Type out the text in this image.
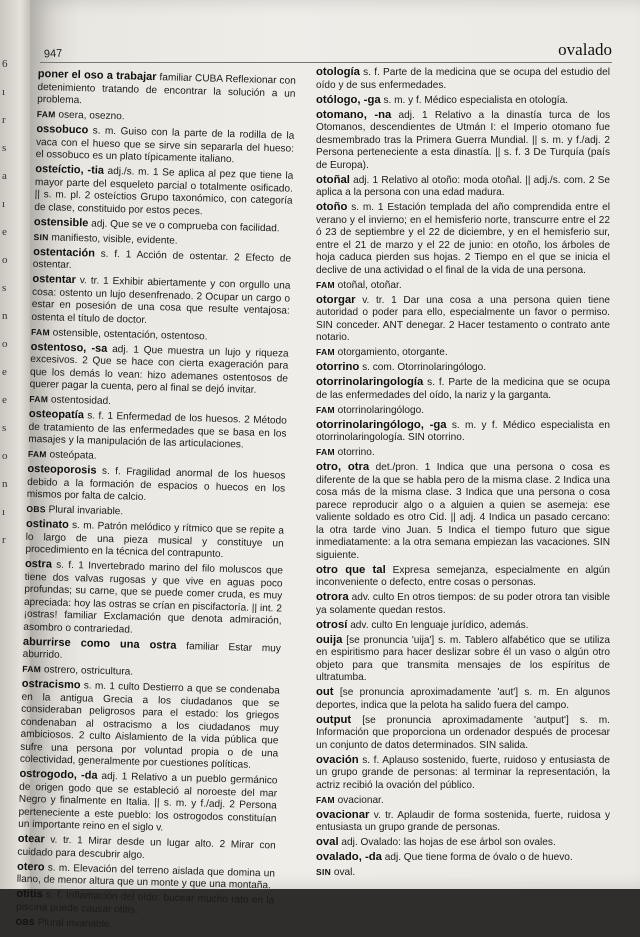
6
ı
r
s
a
ı
e
o
s
n
o
e
e
s
o
n
ı
r
947	ovalado

poner el oso a trabajar familiar CUBA Reflexionar con detenimiento tratando de encontrar la solución a un problema.

FAM osera, osezno.

ossobuco s. m. Guiso con la parte de la rodilla de la vaca con el hueso que se sirve sin separarla del hueso: el ossobuco es un plato típicamente italiano.

osteíctio, -tia adj./s. m. 1 Se aplica al pez que tiene la mayor parte del esqueleto parcial o totalmente osificado. || s. m. pl. 2 osteíctios Grupo taxonómico, con categoría de clase, constituido por estos peces.

ostensible adj. Que se ve o comprueba con facilidad.

SIN manifiesto, visible, evidente.

ostentación s. f. 1 Acción de ostentar. 2 Efecto de ostentar.

ostentar v. tr. 1 Exhibir abiertamente y con orgullo una cosa: ostento un lujo desenfrenado. 2 Ocupar un cargo o estar en posesión de una cosa que resulte ventajosa: ostenta el título de doctor.

FAM ostensible, ostentación, ostentoso.

ostentoso, -sa adj. 1 Que muestra un lujo y riqueza excesivos. 2 Que se hace con cierta exageración para que los demás lo vean: hizo ademanes ostentosos de querer pagar la cuenta, pero al final se dejó invitar.

FAM ostentosidad.

osteopatía s. f. 1 Enfermedad de los huesos. 2 Método de tratamiento de las enfermedades que se basa en los masajes y la manipulación de las articulaciones.

FAM osteópata.

osteoporosis s. f. Fragilidad anormal de los huesos debido a la formación de espacios o huecos en los mismos por falta de calcio.

OBS Plural invariable.

ostinato s. m. Patrón melódico y rítmico que se repite a lo largo de una pieza musical y constituye un procedimiento en la técnica del contrapunto.

ostra s. f. 1 Invertebrado marino del filo moluscos que tiene dos valvas rugosas y que vive en aguas poco profundas; su carne, que se puede comer cruda, es muy apreciada: hoy las ostras se crían en piscifactoría. || int. 2 ¡ostras! familiar Exclamación que denota admiración, asombro o contrariedad.

aburrirse como una ostra familiar Estar muy aburrido.

FAM ostrero, ostricultura.

ostracismo s. m. 1 culto Destierro a que se condenaba en la antigua Grecia a los ciudadanos que se consideraban peligrosos para el estado: los griegos condenaban al ostracismo a los ciudadanos muy ambiciosos. 2 culto Aislamiento de la vida pública que sufre una persona por voluntad propia o de una colectividad, generalmente por cuestiones políticas.

ostrogodo, -da adj. 1 Relativo a un pueblo germánico de origen godo que se estableció al noroeste del mar Negro y finalmente en Italia. || s. m. y f./adj. 2 Persona perteneciente a este pueblo: los ostrogodos constituían un importante reino en el siglo v.

otear v. tr. 1 Mirar desde un lugar alto. 2 Mirar con cuidado para descubrir algo.

otero s. m. Elevación del terreno aislada que domina un llano, de menor altura que un monte y que una montaña.

otitis s. f. Inflamación del oído: bucear mucho rato en la piscina puede causar otitis.

OBS Plural invariable.

otología s. f. Parte de la medicina que se ocupa del estudio del oído y de sus enfermedades.

otólogo, -ga s. m. y f. Médico especialista en otología.

otomano, -na adj. 1 Relativo a la dinastía turca de los Otomanos, descendientes de Utmán I: el Imperio otomano fue desmembrado tras la Primera Guerra Mundial. || s. m. y f./adj. 2 Persona perteneciente a esta dinastía. || s. f. 3 De Turquía (país de Europa).

otoñal adj. 1 Relativo al otoño: moda otoñal. || adj./s. com. 2 Se aplica a la persona con una edad madura.

otoño s. m. 1 Estación templada del año comprendida entre el verano y el invierno; en el hemisferio norte, transcurre entre el 22 ó 23 de septiembre y el 22 de diciembre, y en el hemisferio sur, entre el 21 de marzo y el 22 de junio: en otoño, los árboles de hoja caduca pierden sus hojas. 2 Tiempo en el que se inicia el declive de una actividad o el final de la vida de una persona.

FAM otoñal, otoñar.

otorgar v. tr. 1 Dar una cosa a una persona quien tiene autoridad o poder para ello, especialmente un favor o permiso. SIN conceder. ANT denegar. 2 Hacer testamento o contrato ante notario.

FAM otorgamiento, otorgante.

otorrino s. com. Otorrinolaringólogo.

otorrinolaringología s. f. Parte de la medicina que se ocupa de las enfermedades del oído, la nariz y la garganta.

FAM otorrinolaringólogo.

otorrinolaringólogo, -ga s. m. y f. Médico especialista en otorrinolaringología. SIN otorrino.

FAM otorrino.

otro, otra det./pron. 1 Indica que una persona o cosa es diferente de la que se habla pero de la misma clase. 2 Indica una cosa más de la misma clase. 3 Indica que una persona o cosa parece reproducir algo o a alguien a quien se asemeja: ese valiente soldado es otro Cid. || adj. 4 Indica un pasado cercano: la otra tarde vino Juan. 5 Indica el tiempo futuro que sigue inmediatamente: a la otra semana empiezan las vacaciones. SIN siguiente.

otro que tal Expresa semejanza, especialmente en algún inconveniente o defecto, entre cosas o personas.

otrora adv. culto En otros tiempos: de su poder otrora tan visible ya solamente quedan restos.

otrosí adv. culto En lenguaje jurídico, además.

ouija [se pronuncia 'uija'] s. m. Tablero alfabético que se utiliza en espiritismo para hacer deslizar sobre él un vaso o algún otro objeto para que transmita mensajes de los espíritus de ultratumba.

out [se pronuncia aproximadamente 'aut'] s. m. En algunos deportes, indica que la pelota ha salido fuera del campo.

output [se pronuncia aproximadamente 'autput'] s. m. Información que proporciona un ordenador después de procesar un conjunto de datos determinados. SIN salida.

ovación s. f. Aplauso sostenido, fuerte, ruidoso y entusiasta de un grupo grande de personas: al terminar la representación, la actriz recibió la ovación del público.

FAM ovacionar.

ovacionar v. tr. Aplaudir de forma sostenida, fuerte, ruidosa y entusiasta un grupo grande de personas.

oval adj. Ovalado: las hojas de ese árbol son ovales.

ovalado, -da adj. Que tiene forma de óvalo o de huevo.

SIN oval.
